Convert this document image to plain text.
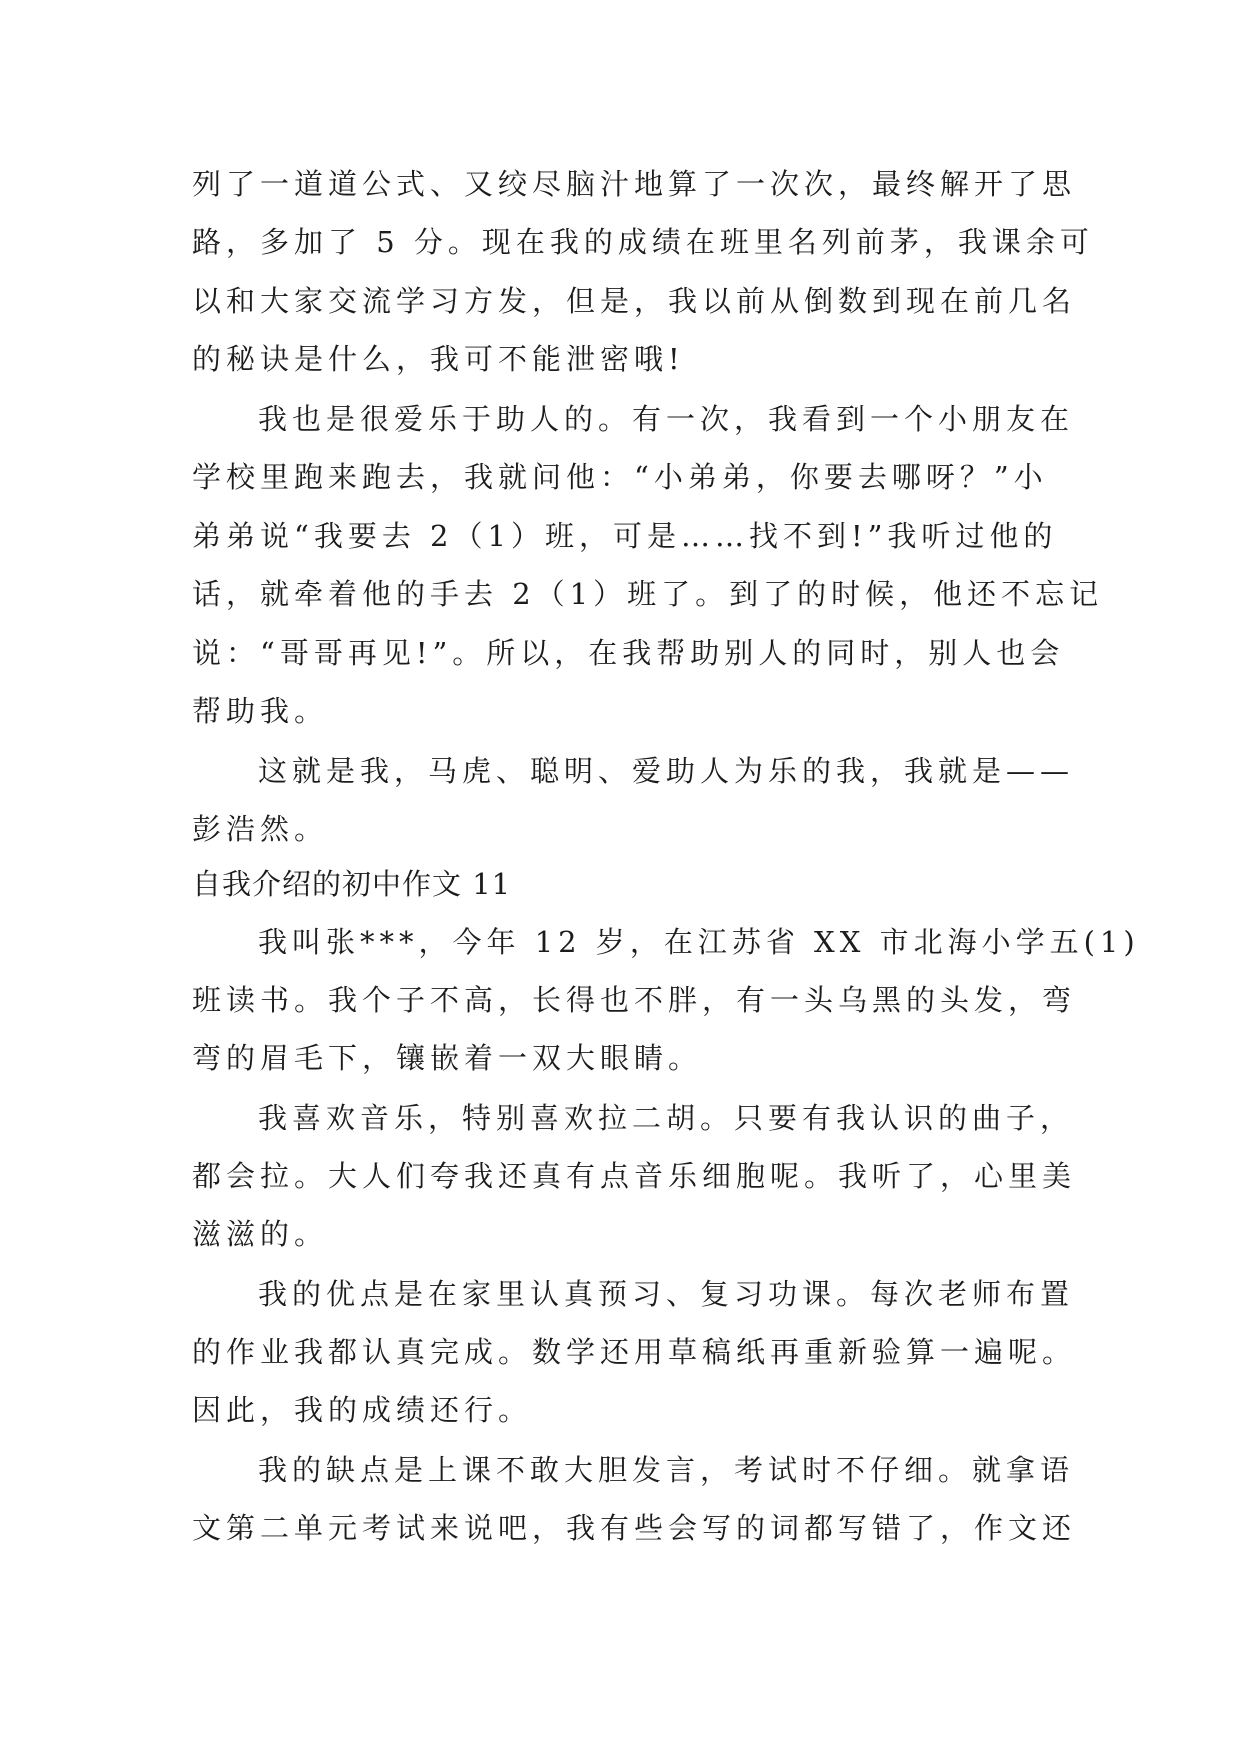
列了一道道公式、又绞尽脑汁地算了一次次，最终解开了思
路，多加了 5 分。现在我的成绩在班里名列前茅，我课余可
以和大家交流学习方发，但是，我以前从倒数到现在前几名
的秘诀是什么，我可不能泄密哦!
我也是很爱乐于助人的。有一次，我看到一个小朋友在
学校里跑来跑去，我就问他：“小弟弟，你要去哪呀？”小
弟弟说“我要去 2（1）班，可是……找不到!”我听过他的
话，就牵着他的手去 2（1）班了。到了的时候，他还不忘记
说：“哥哥再见!”。所以，在我帮助别人的同时，别人也会
帮助我。
这就是我，马虎、聪明、爱助人为乐的我，我就是——
彭浩然。
自我介绍的初中作文 11
我叫张***，今年 12 岁，在江苏省 XX 市北海小学五(1)
班读书。我个子不高，长得也不胖，有一头乌黑的头发，弯
弯的眉毛下，镶嵌着一双大眼睛。
我喜欢音乐，特别喜欢拉二胡。只要有我认识的曲子，
都会拉。大人们夸我还真有点音乐细胞呢。我听了，心里美
滋滋的。
我的优点是在家里认真预习、复习功课。每次老师布置
的作业我都认真完成。数学还用草稿纸再重新验算一遍呢。
因此，我的成绩还行。
我的缺点是上课不敢大胆发言，考试时不仔细。就拿语
文第二单元考试来说吧，我有些会写的词都写错了，作文还
